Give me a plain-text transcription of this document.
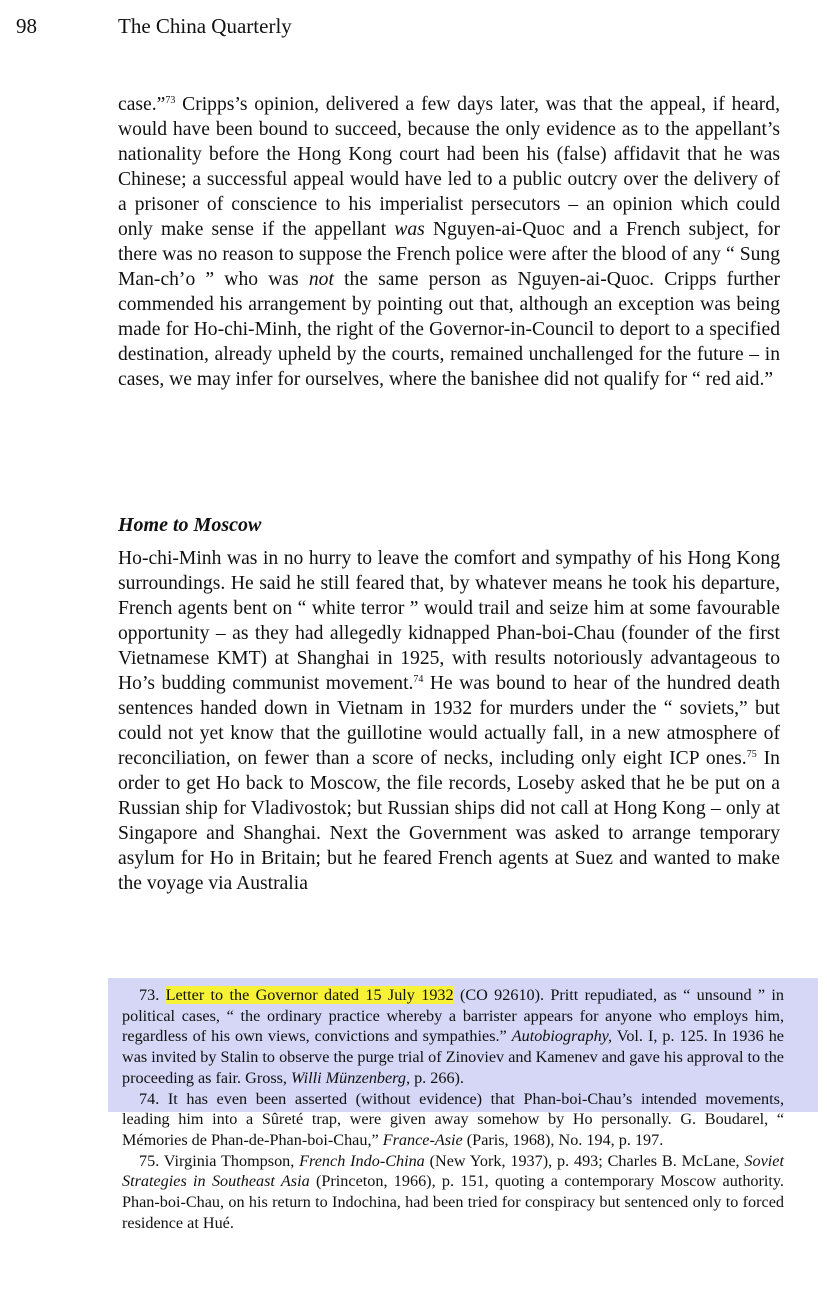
98	The China Quarterly

case.”$^{73}$ Cripps’s opinion, delivered a few days later, was that the appeal, if heard, would have been bound to succeed, because the only evidence as to the appellant’s nationality before the Hong Kong court had been his (false) affidavit that he was Chinese; a successful appeal would have led to a public outcry over the delivery of a prisoner of conscience to his imperialist persecutors – an opinion which could only make sense if the appellant was Nguyen-ai-Quoc and a French subject, for there was no reason to suppose the French police were after the blood of any “ Sung Man-ch’o ” who was not the same person as Nguyen-ai-Quoc. Cripps further commended his arrangement by pointing out that, although an exception was being made for Ho-chi-Minh, the right of the Governor-in-Council to deport to a specified destination, already upheld by the courts, remained unchallenged for the future – in cases, we may infer for ourselves, where the banishee did not qualify for “ red aid.”

Home to Moscow

Ho-chi-Minh was in no hurry to leave the comfort and sympathy of his Hong Kong surroundings. He said he still feared that, by whatever means he took his departure, French agents bent on “ white terror ” would trail and seize him at some favourable opportunity – as they had allegedly kidnapped Phan-boi-Chau (founder of the first Vietnamese KMT) at Shanghai in 1925, with results notoriously advantageous to Ho’s budding communist movement.$^{74}$ He was bound to hear of the hundred death sentences handed down in Vietnam in 1932 for murders under the “ soviets,” but could not yet know that the guillotine would actually fall, in a new atmosphere of reconciliation, on fewer than a score of necks, including only eight ICP ones.$^{75}$ In order to get Ho back to Moscow, the file records, Loseby asked that he be put on a Russian ship for Vladivostok; but Russian ships did not call at Hong Kong – only at Singapore and Shanghai. Next the Government was asked to arrange temporary asylum for Ho in Britain; but he feared French agents at Suez and wanted to make the voyage via Australia

73. Letter to the Governor dated 15 July 1932 (CO 92610). Pritt repudiated, as “ unsound ” in political cases, “ the ordinary practice whereby a barrister appears for anyone who employs him, regardless of his own views, convictions and sympathies.” Autobiography, Vol. I, p. 125. In 1936 he was invited by Stalin to observe the purge trial of Zinoviev and Kamenev and gave his approval to the proceeding as fair. Gross, Willi Münzenberg, p. 266).

74. It has even been asserted (without evidence) that Phan-boi-Chau’s intended movements, leading him into a Sûreté trap, were given away somehow by Ho personally. G. Boudarel, “ Mémories de Phan-de-Phan-boi-Chau,” France-Asie (Paris, 1968), No. 194, p. 197.

75. Virginia Thompson, French Indo-China (New York, 1937), p. 493; Charles B. McLane, Soviet Strategies in Southeast Asia (Princeton, 1966), p. 151, quoting a contemporary Moscow authority. Phan-boi-Chau, on his return to Indochina, had been tried for conspiracy but sentenced only to forced residence at Hué.
